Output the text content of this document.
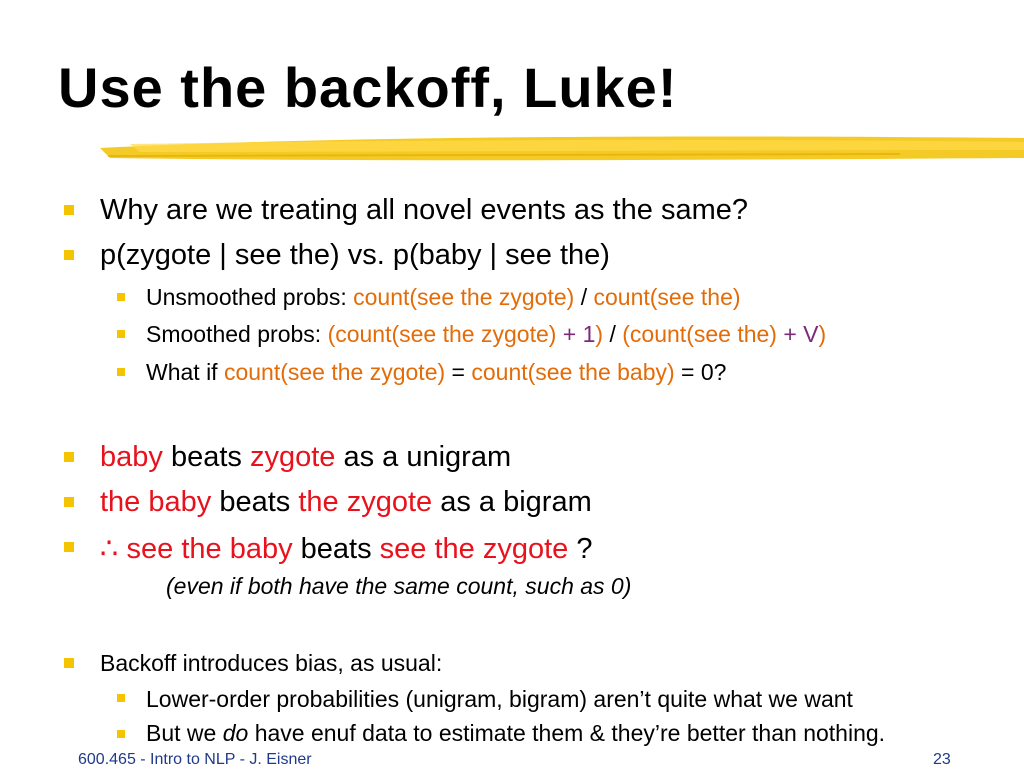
Use the backoff, Luke!
Why are we treating all novel events as the same?
p(zygote | see the) vs. p(baby | see the)
Unsmoothed probs: count(see the zygote) / count(see the)
Smoothed probs: (count(see the zygote) + 1) / (count(see the) + V)
What if count(see the zygote) = count(see the baby) = 0?
baby beats zygote as a unigram
the baby beats the zygote as a bigram
∴ see the baby beats see the zygote ?
(even if both have the same count, such as 0)
Backoff introduces bias, as usual:
Lower-order probabilities (unigram, bigram) aren’t quite what we want
But we do have enuf data to estimate them & they’re better than nothing.
600.465 - Intro to NLP - J. Eisner	23
